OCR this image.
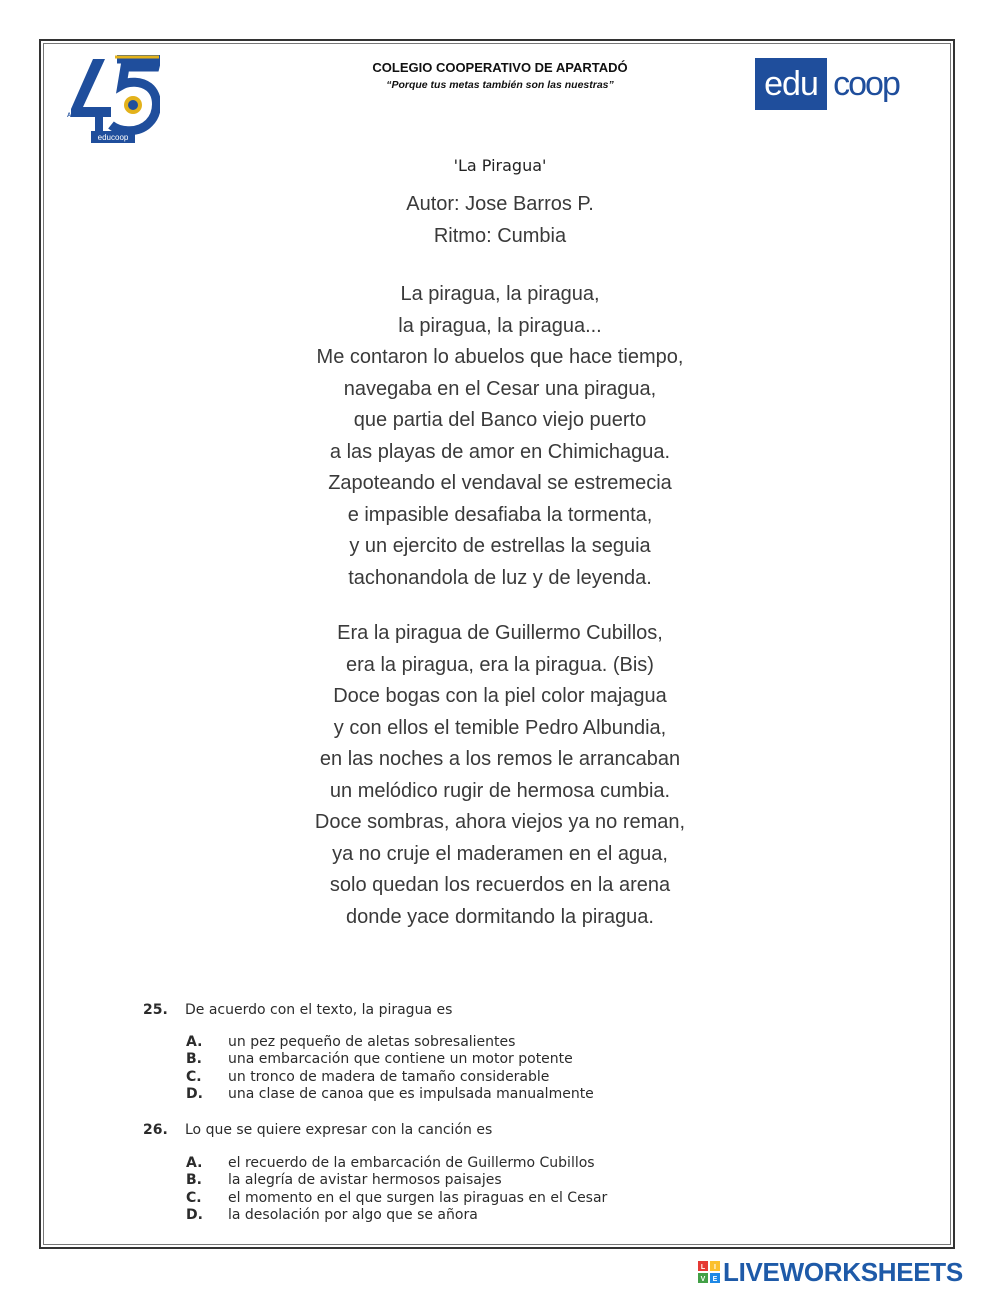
AÑOS
educoop
COLEGIO COOPERATIVO DE APARTADÓ
“Porque tus metas también son las nuestras”	edu coop
'La Piragua'
Autor: Jose Barros P.
Ritmo: Cumbia
La piragua, la piragua,
la piragua, la piragua...
Me contaron lo abuelos que hace tiempo,
navegaba en el Cesar una piragua,
que partia del Banco viejo puerto
a las playas de amor en Chimichagua.
Zapoteando el vendaval se estremecia
e impasible desafiaba la tormenta,
y un ejercito de estrellas la seguia
tachonandola de luz y de leyenda.
Era la piragua de Guillermo Cubillos,
era la piragua, era la piragua. (Bis)
Doce bogas con la piel color majagua
y con ellos el temible Pedro Albundia,
en las noches a los remos le arrancaban
un melódico rugir de hermosa cumbia.
Doce sombras, ahora viejos ya no reman,
ya no cruje el maderamen en el agua,
solo quedan los recuerdos en la arena
donde yace dormitando la piragua.
25. De acuerdo con el texto, la piragua es
A. un pez pequeño de aletas sobresalientes
B. una embarcación que contiene un motor potente
C. un tronco de madera de tamaño considerable
D. una clase de canoa que es impulsada manualmente
26. Lo que se quiere expresar con la canción es
A. el recuerdo de la embarcación de Guillermo Cubillos
B. la alegría de avistar hermosos paisajes
C. el momento en el que surgen las piraguas en el Cesar
D. la desolación por algo que se añora
L I
V E LIVEWORKSHEETS
